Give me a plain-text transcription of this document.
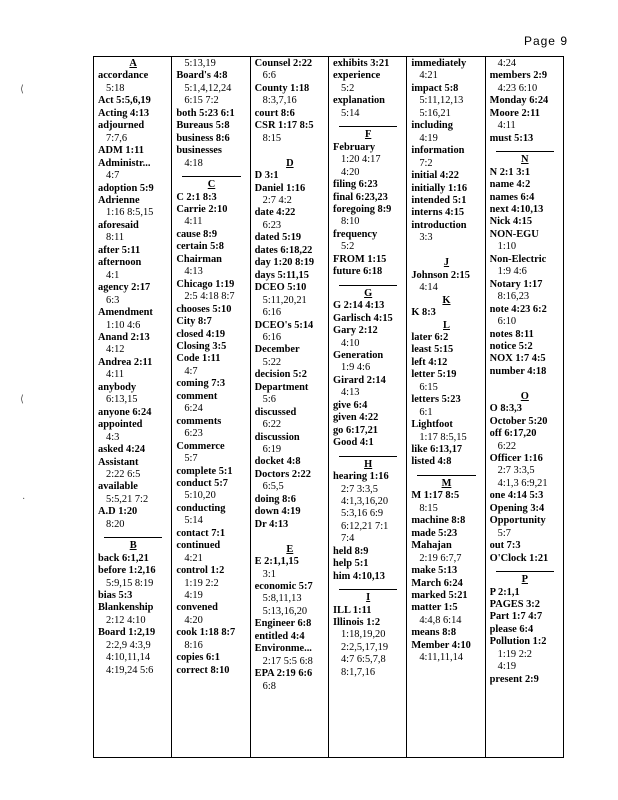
Page 9
⟨
⟨
·
A
accordance
5:18
Act 5:5,6,19
Acting 4:13
adjourned
7:7,6
ADM 1:11
Administr...
4:7
adoption 5:9
Adrienne
1:16 8:5,15
aforesaid
8:11
after 5:11
afternoon
4:1
agency 2:17
6:3
Amendment
1:10 4:6
Anand 2:13
4:12
Andrea 2:11
4:11
anybody
6:13,15
anyone 6:24
appointed
4:3
asked 4:24
Assistant
2:22 6:5
available
5:5,21 7:2
A.D 1:20
8:20
B
back 6:1,21
before 1:2,16
5:9,15 8:19
bias 5:3
Blankenship
2:12 4:10
Board 1:2,19
2:2,9 4:3,9
4:10,11,14
4:19,24 5:6
5:13,19
Board's 4:8
5:1,4,12,24
6:15 7:2
both 5:23 6:1
Bureaus 5:8
business 8:6
businesses
4:18
C
C 2:1 8:3
Carrie 2:10
4:11
cause 8:9
certain 5:8
Chairman
4:13
Chicago 1:19
2:5 4:18 8:7
chooses 5:10
City 8:7
closed 4:19
Closing 3:5
Code 1:11
4:7
coming 7:3
comment
6:24
comments
6:23
Commerce
5:7
complete 5:1
conduct 5:7
5:10,20
conducting
5:14
contact 7:1
continued
4:21
control 1:2
1:19 2:2
4:19
convened
4:20
cook 1:18 8:7
8:16
copies 6:1
correct 8:10
Counsel 2:22
6:6
County 1:18
8:3,7,16
court 8:6
CSR 1:17 8:5
8:15
D
D 3:1
Daniel 1:16
2:7 4:2
date 4:22
6:23
dated 5:19
dates 6:18,22
day 1:20 8:19
days 5:11,15
DCEO 5:10
5:11,20,21
6:16
DCEO's 5:14
6:16
December
5:22
decision 5:2
Department
5:6
discussed
6:22
discussion
6:19
docket 4:8
Doctors 2:22
6:5,5
doing 8:6
down 4:19
Dr 4:13
E
E 2:1,1,15
3:1
economic 5:7
5:8,11,13
5:13,16,20
Engineer 6:8
entitled 4:4
Environme...
2:17 5:5 6:8
EPA 2:19 6:6
6:8
exhibits 3:21
experience
5:2
explanation
5:14
F
February
1:20 4:17
4:20
filing 6:23
final 6:23,23
foregoing 8:9
8:10
frequency
5:2
FROM 1:15
future 6:18
G
G 2:14 4:13
Garlisch 4:15
Gary 2:12
4:10
Generation
1:9 4:6
Girard 2:14
4:13
give 6:4
given 4:22
go 6:17,21
Good 4:1
H
hearing 1:16
2:7 3:3,5
4:1,3,16,20
5:3,16 6:9
6:12,21 7:1
7:4
held 8:9
help 5:1
him 4:10,13
I
ILL 1:11
Illinois 1:2
1:18,19,20
2:2,5,17,19
4:7 6:5,7,8
8:1,7,16
immediately
4:21
impact 5:8
5:11,12,13
5:16,21
including
4:19
information
7:2
initial 4:22
initially 1:16
intended 5:1
interns 4:15
introduction
3:3
J
Johnson 2:15
4:14
K
K 8:3
L
later 6:2
least 5:15
left 4:12
letter 5:19
6:15
letters 5:23
6:1
Lightfoot
1:17 8:5,15
like 6:13,17
listed 4:8
M
M 1:17 8:5
8:15
machine 8:8
made 5:23
Mahajan
2:19 6:7,7
make 5:13
March 6:24
marked 5:21
matter 1:5
4:4,8 6:14
means 8:8
Member 4:10
4:11,11,14
4:24
members 2:9
4:23 6:10
Monday 6:24
Moore 2:11
4:11
must 5:13
N
N 2:1 3:1
name 4:2
names 6:4
next 4:10,13
Nick 4:15
NON-EGU
1:10
Non-Electric
1:9 4:6
Notary 1:17
8:16,23
note 4:23 6:2
6:10
notes 8:11
notice 5:2
NOX 1:7 4:5
number 4:18
O
O 8:3,3
October 5:20
off 6:17,20
6:22
Officer 1:16
2:7 3:3,5
4:1,3 6:9,21
one 4:14 5:3
Opening 3:4
Opportunity
5:7
out 7:3
O'Clock 1:21
P
P 2:1,1
PAGES 3:2
Part 1:7 4:7
please 6:4
Pollution 1:2
1:19 2:2
4:19
present 2:9
